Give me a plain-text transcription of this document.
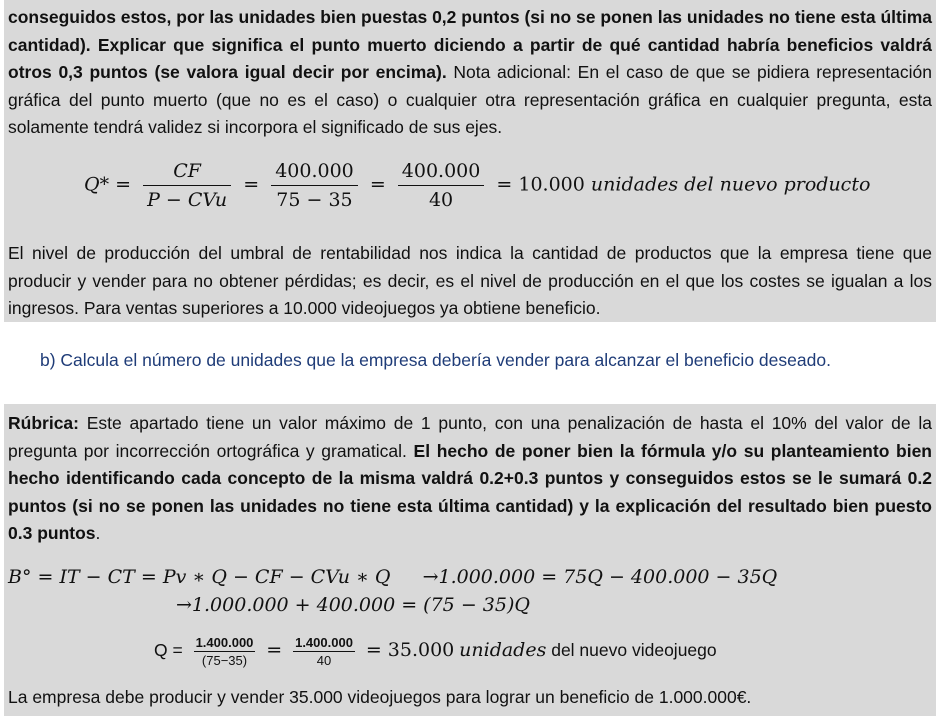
conseguidos estos, por las unidades bien puestas 0,2 puntos (si no se ponen las unidades no tiene esta última cantidad). Explicar que significa el punto muerto diciendo a partir de qué cantidad habría beneficios valdrá otros 0,3 puntos (se valora igual decir por encima). Nota adicional: En el caso de que se pidiera representación gráfica del punto muerto (que no es el caso) o cualquier otra representación gráfica en cualquier pregunta, esta solamente tendrá validez si incorpora el significado de sus ejes.

$Q* = \frac{CF}{\text{P − CVu}} = \frac{400.000}{75 - 35} = \frac{400.000}{40} = 10.000$ unidades del nuevo producto

El nivel de producción del umbral de rentabilidad nos indica la cantidad de productos que la empresa tiene que producir y vender para no obtener pérdidas; es decir, es el nivel de producción en el que los costes se igualan a los ingresos. Para ventas superiores a 10.000 videojuegos ya obtiene beneficio.

b) Calcula el número de unidades que la empresa debería vender para alcanzar el beneficio deseado.

Rúbrica: Este apartado tiene un valor máximo de 1 punto, con una penalización de hasta el 10% del valor de la pregunta por incorrección ortográfica y gramatical. El hecho de poner bien la fórmula y/o su planteamiento bien hecho identificando cada concepto de la misma valdrá 0.2+0.3 puntos y conseguidos estos se le sumará 0.2 puntos (si no se ponen las unidades no tiene esta última cantidad) y la explicación del resultado bien puesto 0.3 puntos.

B° = IT − CT = Pv ∗ Q − CF − CVu ∗ Q →1.000.000 = 75Q − 400.000 − 35Q
→1.000.000 + 400.000 = (75 − 35)Q
$Q = \frac{1.400.000}{(75-35)} = \frac{1.400.000}{40} = 35.000$ unidades del nuevo videojuego

La empresa debe producir y vender 35.000 videojuegos para lograr un beneficio de 1.000.000€.
